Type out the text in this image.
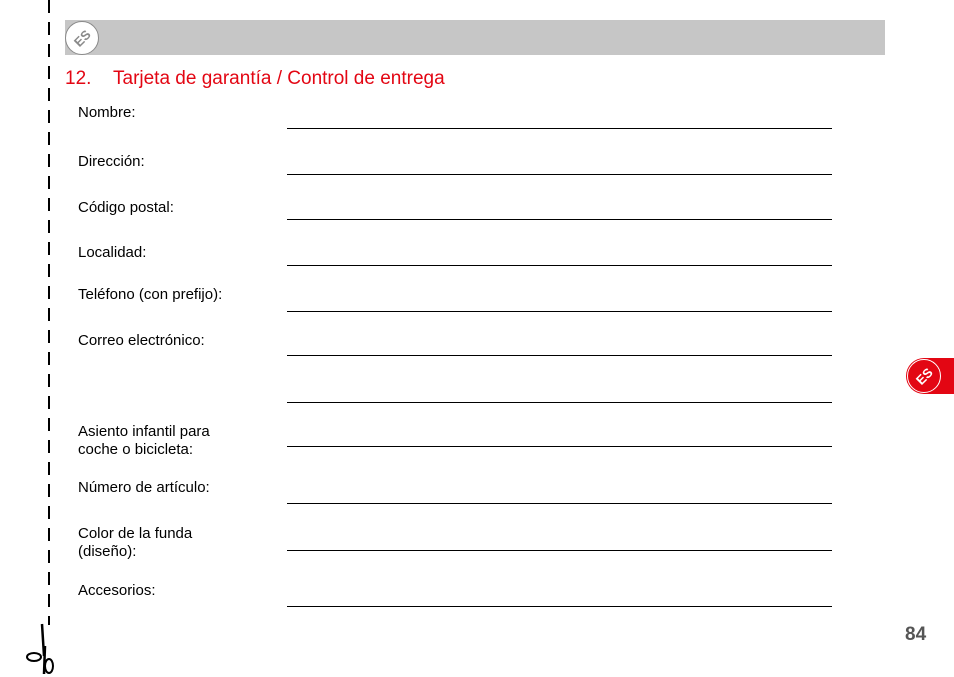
ES
12. Tarjeta de garantía / Control de entrega
Nombre:
Dirección:
Código postal:
Localidad:
Teléfono (con prefijo):
Correo electrónico:
Asiento infantil para
coche o bicicleta:
Número de artículo:
Color de la funda
(diseño):
Accesorios:
ES
84
